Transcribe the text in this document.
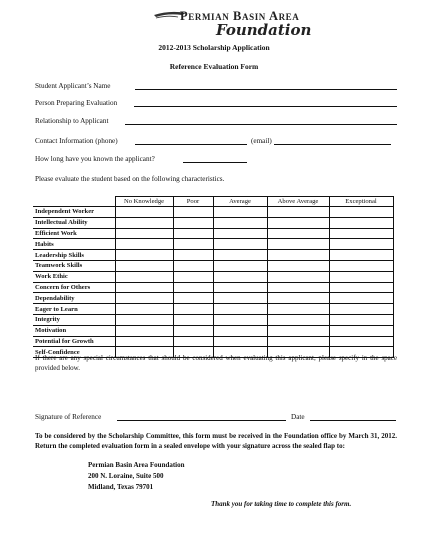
Permian Basin Area
Foundation
2012-2013 Scholarship Application
Reference Evaluation Form
Student Applicant’s Name
Person Preparing Evaluation
Relationship to Applicant
Contact Information (phone)	(email)
How long have you known the applicant?
Please evaluate the student based on the following characteristics.
	No Knowledge	Poor	Average	Above Average	Exceptional
Independent Worker					
Intellectual Ability					
Efficient Work					
Habits					
Leadership Skills					
Teamwork Skills					
Work Ethic					
Concern for Others					
Dependability					
Eager to Learn					
Integrity					
Motivation					
Potential for Growth					
Self-Confidence					
If there are any special circumstances that should be considered when evaluating this applicant, please specify in the space provided below.
Signature of Reference	Date
To be considered by the Scholarship Committee, this form must be received in the Foundation office by March 31, 2012. Return the completed evaluation form in a sealed envelope with your signature across the sealed flap to:
Permian Basin Area Foundation
200 N. Loraine, Suite 500
Midland, Texas 79701
Thank you for taking time to complete this form.
